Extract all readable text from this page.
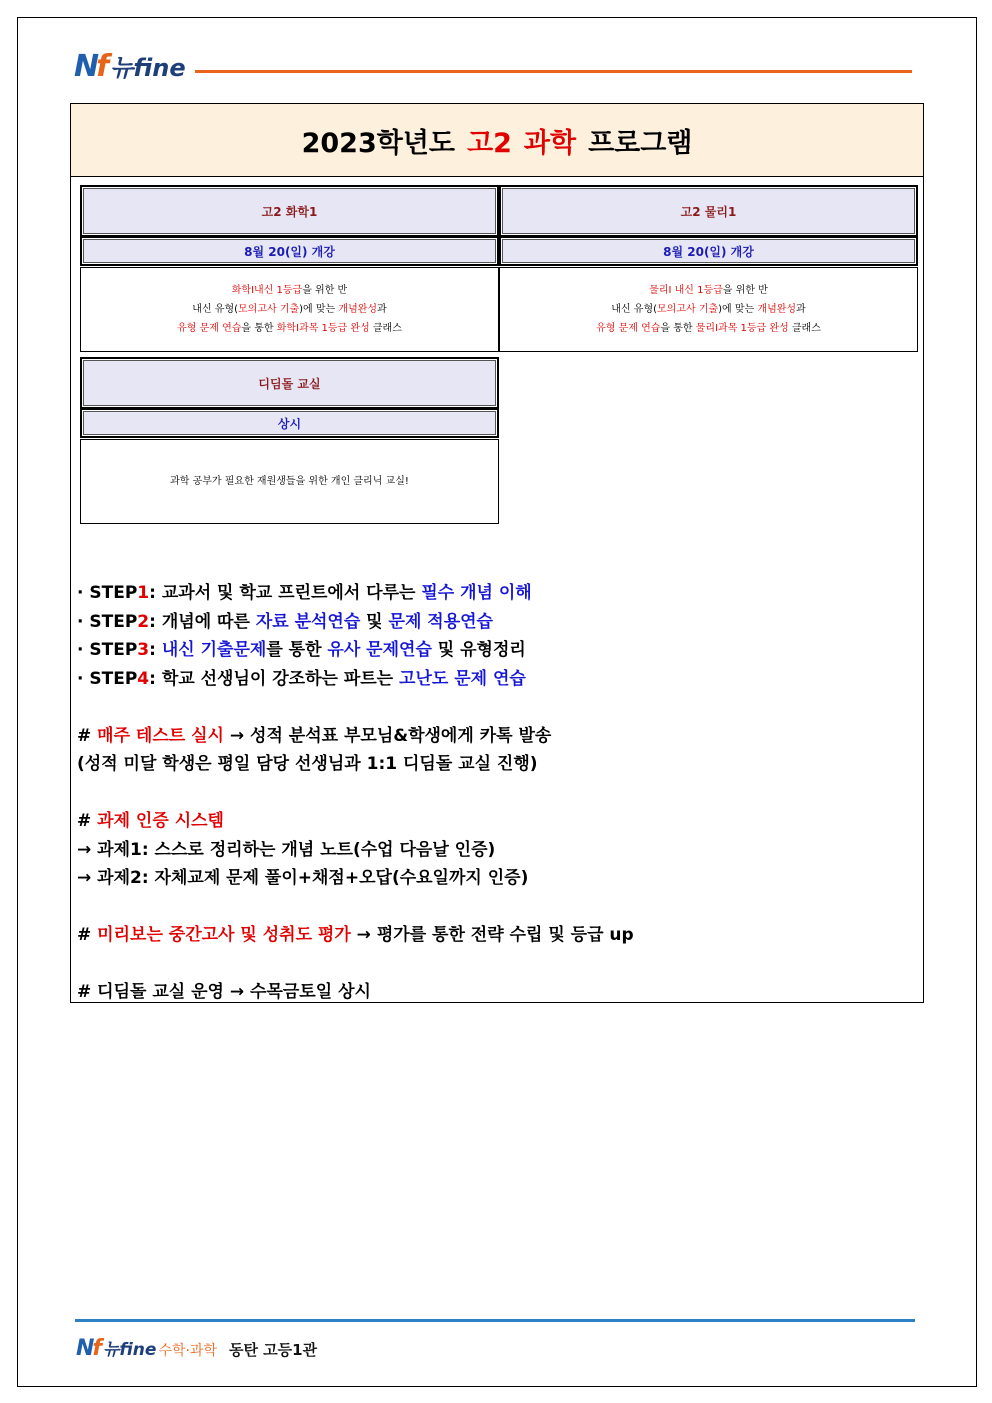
Nf 뉴fine
2023학년도 고2 과학 프로그램
고2 화학1
8월 20(일) 개강
화학Ⅰ내신 1등급을 위한 반
내신 유형(모의고사 기출)에 맞는 개념완성과
유형 문제 연습을 통한 화학Ⅰ과목 1등급 완성 클래스
고2 물리1
8월 20(일) 개강
물리Ⅰ 내신 1등급을 위한 반
내신 유형(모의고사 기출)에 맞는 개념완성과
유형 문제 연습을 통한 물리Ⅰ과목 1등급 완성 클래스
디딤돌 교실
상시
과학 공부가 필요한 재원생들을 위한 개인 클리닉 교실!
· STEP1: 교과서 및 학교 프린트에서 다루는 필수 개념 이해
· STEP2: 개념에 따른 자료 분석연습 및 문제 적용연습
· STEP3: 내신 기출문제를 통한 유사 문제연습 및 유형정리
· STEP4: 학교 선생님이 강조하는 파트는 고난도 문제 연습
# 매주 테스트 실시 → 성적 분석표 부모님&학생에게 카톡 발송
(성적 미달 학생은 평일 담당 선생님과 1:1 디딤돌 교실 진행)
# 과제 인증 시스템
→ 과제1: 스스로 정리하는 개념 노트(수업 다음날 인증)
→ 과제2: 자체교제 문제 풀이+채점+오답(수요일까지 인증)
# 미리보는 중간고사 및 성취도 평가 → 평가를 통한 전략 수립 및 등급 up
# 디딤돌 교실 운영 → 수목금토일 상시
Nf 뉴fine 수학·과학 동탄 고등1관
